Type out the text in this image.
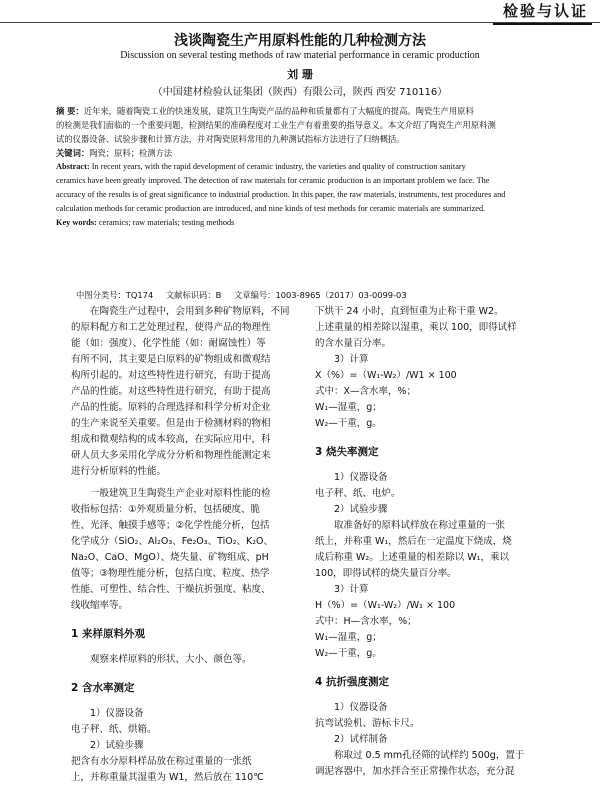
检验与认证
浅谈陶瓷生产用原料性能的几种检测方法
Discussion on several testing methods of raw material performance in ceramic production
刘 珊
（中国建材检验认证集团（陕西）有限公司，陕西 西安 710116）
摘 要：近年来，随着陶瓷工业的快速发展，建筑卫生陶瓷产品的品种和质量都有了大幅度的提高。陶瓷生产用原料
的检测是我们面临的一个重要问题，检测结果的准确程度对工业生产有着重要的指导意义。本文介绍了陶瓷生产用原料测
试的仪器设备、试验步骤和计算方法，并对陶瓷原料常用的九种测试指标方法进行了归纳概括。
关键词：陶瓷；原料；检测方法
Abstract: In recent years, with the rapid development of ceramic industry, the varieties and quality of construction sanitary
ceramics have been greatly improved. The detection of raw materials for ceramic production is an important problem we face. The
accuracy of the results is of great significance to industrial production. In this paper, the raw materials, instruments, test procedures and
calculation methods for ceramic production are introduced, and nine kinds of test methods for ceramic materials are summarized.
Key words: ceramics; raw materials; testing methods
中图分类号：TQ174 文献标识码：B 文章编号：1003-8965（2017）03-0099-03

在陶瓷生产过程中，会用到多种矿物原料，不同

的原料配方和工艺处理过程，使得产品的物理性

能（如：强度）、化学性能（如：耐腐蚀性）等

有所不同，其主要是白原料的矿物组成和微观结

构所引起的。对这些特性进行研究，有助于提高

产品的性能。对这些特性进行研究，有助于提高

产品的性能。原料的合理选择和科学分析对企业

的生产来说至关重要。但是由于检测材料的物相

组成和微观结构的成本较高，在实际应用中，科

研人员大多采用化学成分分析和物理性能测定来

进行分析原料的性能。

一般建筑卫生陶瓷生产企业对原料性能的检

收指标包括：①外观质量分析，包括硬度、脆

性、光泽、触摸手感等；②化学性能分析，包括

化学成分（SiO₂、Al₂O₃、Fe₂O₃、TiO₂、K₂O、

Na₂O、CaO、MgO）、烧失量、矿物组成、pH

值等；③物理性能分析，包括白度、粒度、热学

性能、可塑性、结合性、干燥抗折强度、粘度、

线收缩率等。

1 来样原料外观

观察来样原料的形状、大小、颜色等。

2 含水率测定

1）仪器设备

电子秤、纸、烘箱。

2）试验步骤

把含有水分原料样品放在称过重量的一张纸

上，并称重量其湿重为 W1，然后放在 110℃

下烘干 24 小时，直到恒重为止称干重 W2。

上述重量的相差除以湿重，乘以 100，即得试样

的含水量百分率。

3）计算

X（%）=（W₁-W₂）/W1 × 100

式中：X—含水率，%；

W₁—湿重，g；

W₂—干重，g。

3 烧失率测定

1）仪器设备

电子秤、纸、电炉。

2）试验步骤

取准备好的原料试样放在称过重量的一张

纸上，并称重 W₁，然后在一定温度下烧成，烧

成后称重 W₂。上述重量的相差除以 W₁，乘以

100，即得试样的烧失量百分率。

3）计算

H（%）=（W₁-W₂）/W₁ × 100

式中：H—含水率，%；

W₁—湿重，g；

W₂—干重，g。

4 抗折强度测定

1）仪器设备

抗弯试验机、游标卡尺。

2）试样制备

称取过 0.5 mm孔径筛的试样约 500g，置于

调泥容器中，加水拌合至正常操作状态，充分混
